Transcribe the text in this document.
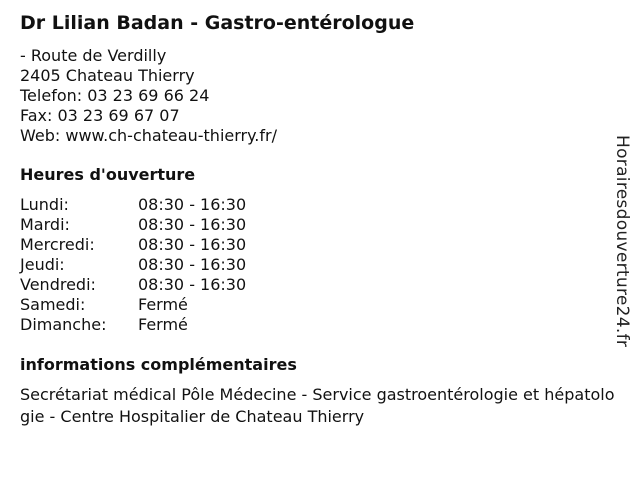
Dr Lilian Badan - Gastro-entérologue
- Route de Verdilly
2405 Chateau Thierry
Telefon: 03 23 69 66 24
Fax: 03 23 69 67 07
Web: www.ch-chateau-thierry.fr/
Heures d'ouverture
Lundi:	08:30 - 16:30
Mardi:	08:30 - 16:30
Mercredi:	08:30 - 16:30
Jeudi:	08:30 - 16:30
Vendredi:	08:30 - 16:30
Samedi:	Fermé
Dimanche:	Fermé
informations complémentaires
Secrétariat médical Pôle Médecine - Service gastroentérologie et hépatologie - Centre Hospitalier de Chateau Thierry
Horairesdouverture24.fr
